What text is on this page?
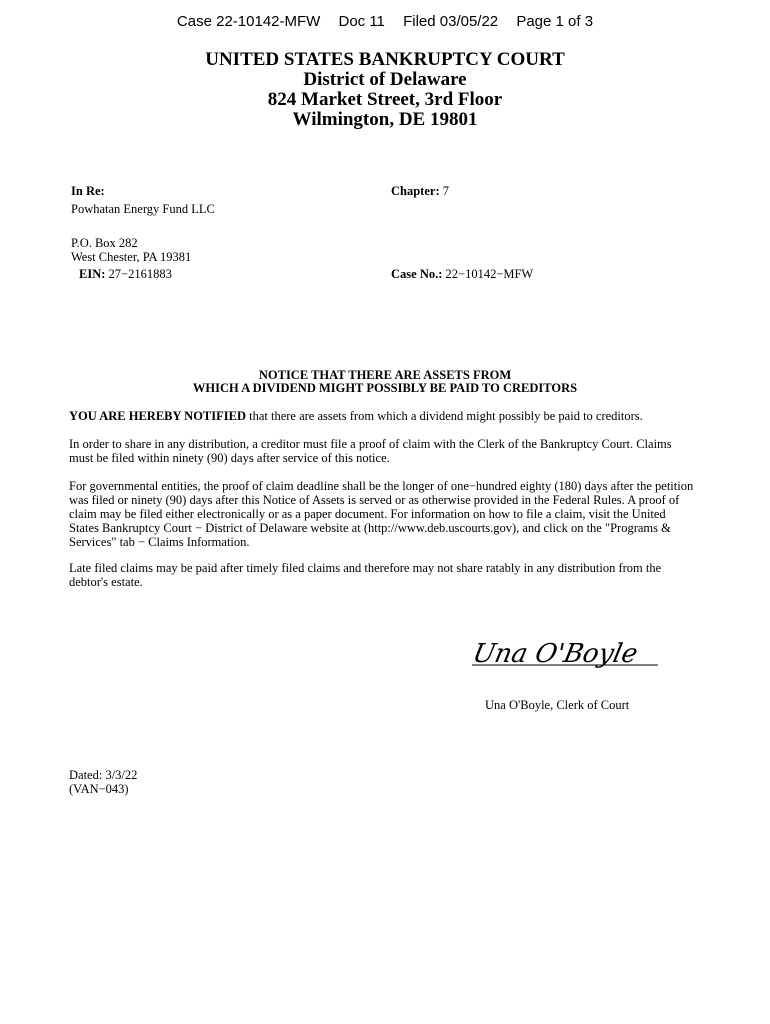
Case 22-10142-MFW Doc 11 Filed 03/05/22 Page 1 of 3
UNITED STATES BANKRUPTCY COURT
District of Delaware
824 Market Street, 3rd Floor
Wilmington, DE 19801
In Re:
Powhatan Energy Fund LLC
P.O. Box 282
West Chester, PA 19381
EIN: 27−2161883
Chapter: 7
Case No.: 22−10142−MFW
NOTICE THAT THERE ARE ASSETS FROM
WHICH A DIVIDEND MIGHT POSSIBLY BE PAID TO CREDITORS
YOU ARE HEREBY NOTIFIED that there are assets from which a dividend might possibly be paid to creditors.
In order to share in any distribution, a creditor must file a proof of claim with the Clerk of the Bankruptcy Court. Claims must be filed within ninety (90) days after service of this notice.
For governmental entities, the proof of claim deadline shall be the longer of one−hundred eighty (180) days after the petition was filed or ninety (90) days after this Notice of Assets is served or as otherwise provided in the Federal Rules. A proof of claim may be filed either electronically or as a paper document. For information on how to file a claim, visit the United States Bankruptcy Court − District of Delaware website at (http://www.deb.uscourts.gov), and click on the "Programs & Services" tab − Claims Information.
Late filed claims may be paid after timely filed claims and therefore may not share ratably in any distribution from the debtor's estate.
Una O'Boyle
Una O'Boyle, Clerk of Court
Dated: 3/3/22
(VAN−043)
